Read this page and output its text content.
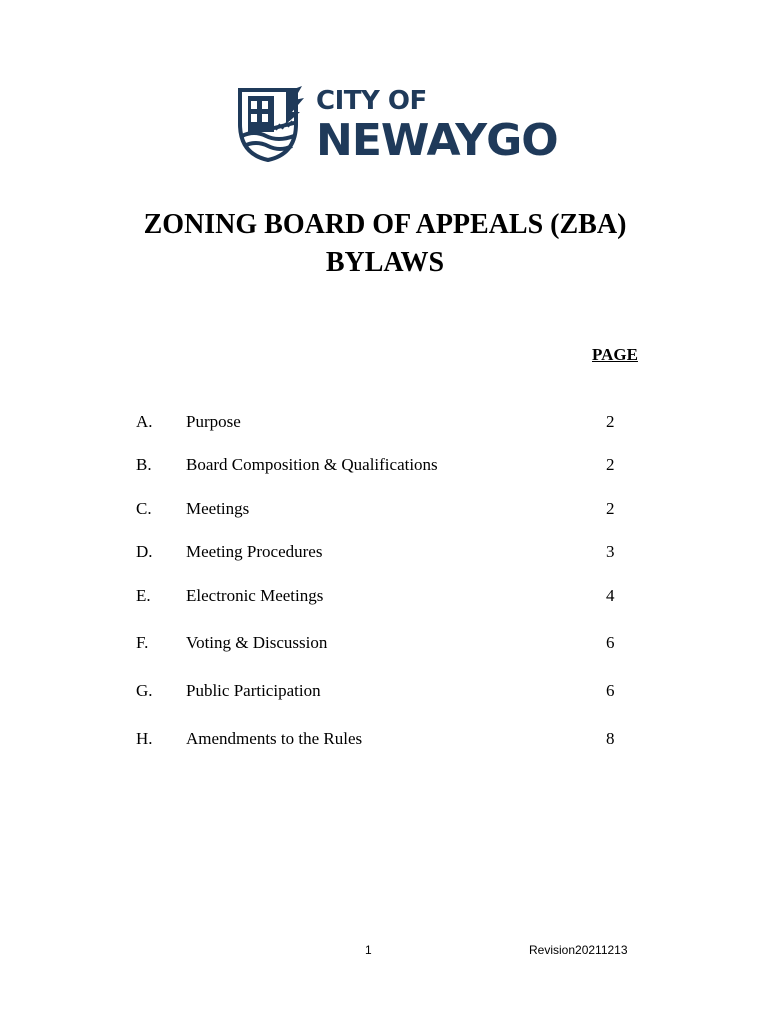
CITY OF
NEWAYGO
ZONING BOARD OF APPEALS (ZBA)
BYLAWS
PAGE
A. Purpose	2
B. Board Composition & Qualifications	2
C. Meetings	2
D. Meeting Procedures	3
E. Electronic Meetings	4
F. Voting & Discussion	6
G. Public Participation	6
H. Amendments to the Rules	8
1	Revision20211213
